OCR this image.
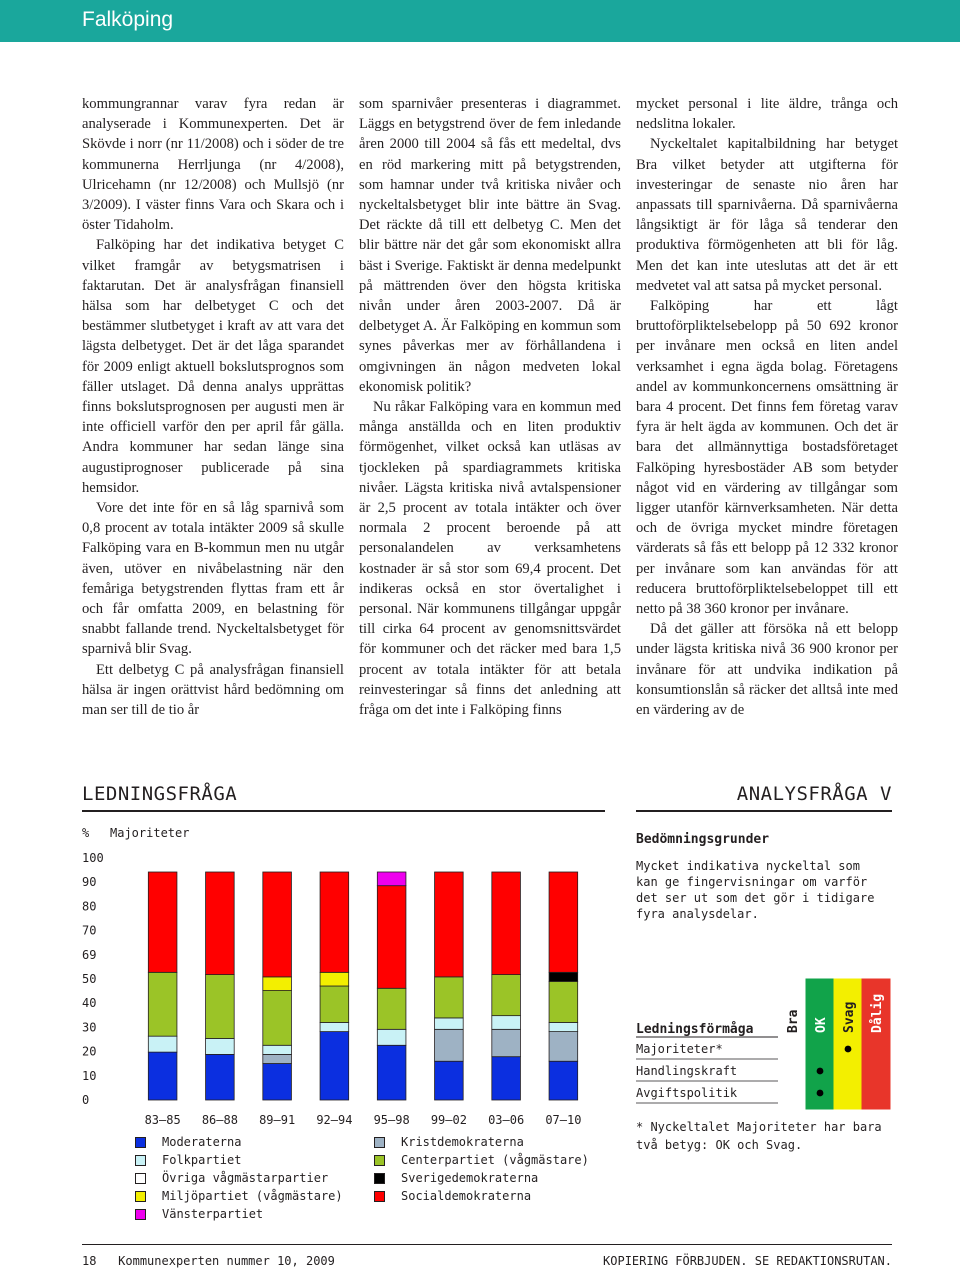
Falköping

kommungrannar varav fyra redan är analyserade i Kommunexperten. Det är Skövde i norr (nr 11/2008) och i söder de tre kommunerna Herrljunga (nr 4/2008), Ulricehamn (nr 12/2008) och Mullsjö (nr 3/2009). I väster finns Vara och Skara och i öster Tidaholm.

Falköping har det indikativa betyget C vilket framgår av betygsmatrisen i faktarutan. Det är analysfrågan finansiell hälsa som har delbetyget C och det bestämmer slutbetyget i kraft av att vara det lägsta delbetyget. Det är det låga sparandet för 2009 enligt aktuell bokslutsprognos som fäller utslaget. Då denna analys upprättas finns bokslutsprognosen per augusti men är inte officiell varför den per april får gälla. Andra kommuner har sedan länge sina augustiprognoser publicerade på sina hemsidor.

Vore det inte för en så låg sparnivå som 0,8 procent av totala intäkter 2009 så skulle Falköping vara en B-kommun men nu utgår även, utöver en nivåbelastning när den femåriga betygstrenden flyttas fram ett år och får omfatta 2009, en belastning för snabbt fallande trend. Nyckeltalsbetyget för sparnivå blir Svag.

Ett delbetyg C på analysfrågan finansiell hälsa är ingen orättvist hård bedömning om man ser till de tio år

som sparnivåer presenteras i diagrammet. Läggs en betygstrend över de fem inledande åren 2000 till 2004 så fås ett medeltal, dvs en röd markering mitt på betygstrenden, som hamnar under två kritiska nivåer och nyckeltalsbetyget blir inte bättre än Svag. Det räckte då till ett delbetyg C. Men det blir bättre när det går som ekonomiskt allra bäst i Sverige. Faktiskt är denna medelpunkt på mättrenden över den högsta kritiska nivån under åren 2003-2007. Då är delbetyget A. Är Falköping en kommun som synes påverkas mer av förhållandena i omgivningen än någon medveten lokal ekonomisk politik?

Nu råkar Falköping vara en kommun med många anställda och en liten produktiv förmögenhet, vilket också kan utläsas av tjockleken på spardiagrammets kritiska nivåer. Lägsta kritiska nivå avtalspensioner är 2,5 procent av totala intäkter och över normala 2 procent beroende på att personalandelen av verksamhetens kostnader är så stor som 69,4 procent. Det indikeras också en stor övertalighet i personal. När kommunens tillgångar uppgår till cirka 64 procent av genomsnittsvärdet för kommuner och det räcker med bara 1,5 procent av totala intäkter för att betala reinvesteringar så finns det anledning att fråga om det inte i Falköping finns

mycket personal i lite äldre, trånga och nedslitna lokaler.

Nyckeltalet kapitalbildning har betyget Bra vilket betyder att utgifterna för investeringar de senaste nio åren har anpassats till sparnivåerna. Då sparnivåerna långsiktigt är för låga så tenderar den produktiva förmögenheten att bli för låg. Men det kan inte uteslutas att det är ett medvetet val att satsa på mycket personal.

Falköping har ett lågt bruttoförpliktelsebelopp på 50 692 kronor per invånare men också en liten andel verksamhet i egna ägda bolag. Företagens andel av kommunkoncernens omsättning är bara 4 procent. Det finns fem företag varav fyra är helt ägda av kommunen. Och det är bara det allmännyttiga bostadsföretaget Falköping hyresbostäder AB som betyder något vid en värdering av tillgångar som ligger utanför kärnverksamheten. När detta och de övriga mycket mindre företagen värderats så fås ett belopp på 12 332 kronor per invånare som kan användas för att reducera bruttoförpliktelsebeloppet till ett netto på 38 360 kronor per invånare.

Då det gäller att försöka nå ett belopp under lägsta kritiska nivå 36 900 kronor per invånare för att undvika indikation på konsumtionslån så räcker det alltså inte med en värdering av de

LEDNINGSFRÅGA	ANALYSFRÅGA V
% Majoriteter
0
10
20
30
40
50
69
70
80
90
100
83–85 86–88 89–91 92–94 95–98 99–02 03–06 07–10
Moderaterna
Folkpartiet
Övriga vågmästarpartier
Miljöpartiet (vågmästare)
Vänsterpartiet
Kristdemokraterna
Centerpartiet (vågmästare)
Sverigedemokraterna
Socialdemokraterna
Bedömningsgrunder
Mycket indikativa nyckeltal som kan ge fingervisningar om varför det ser ut som det gör i tidigare fyra analysdelar.
Bra OK Svag Dålig
Ledningsförmåga
Majoriteter*
Handlingskraft
Avgiftspolitik
* Nyckeltalet Majoriteter har bara två betyg: OK och Svag.
18 Kommunexperten nummer 10, 2009	KOPIERING FÖRBJUDEN. SE REDAKTIONSRUTAN.
